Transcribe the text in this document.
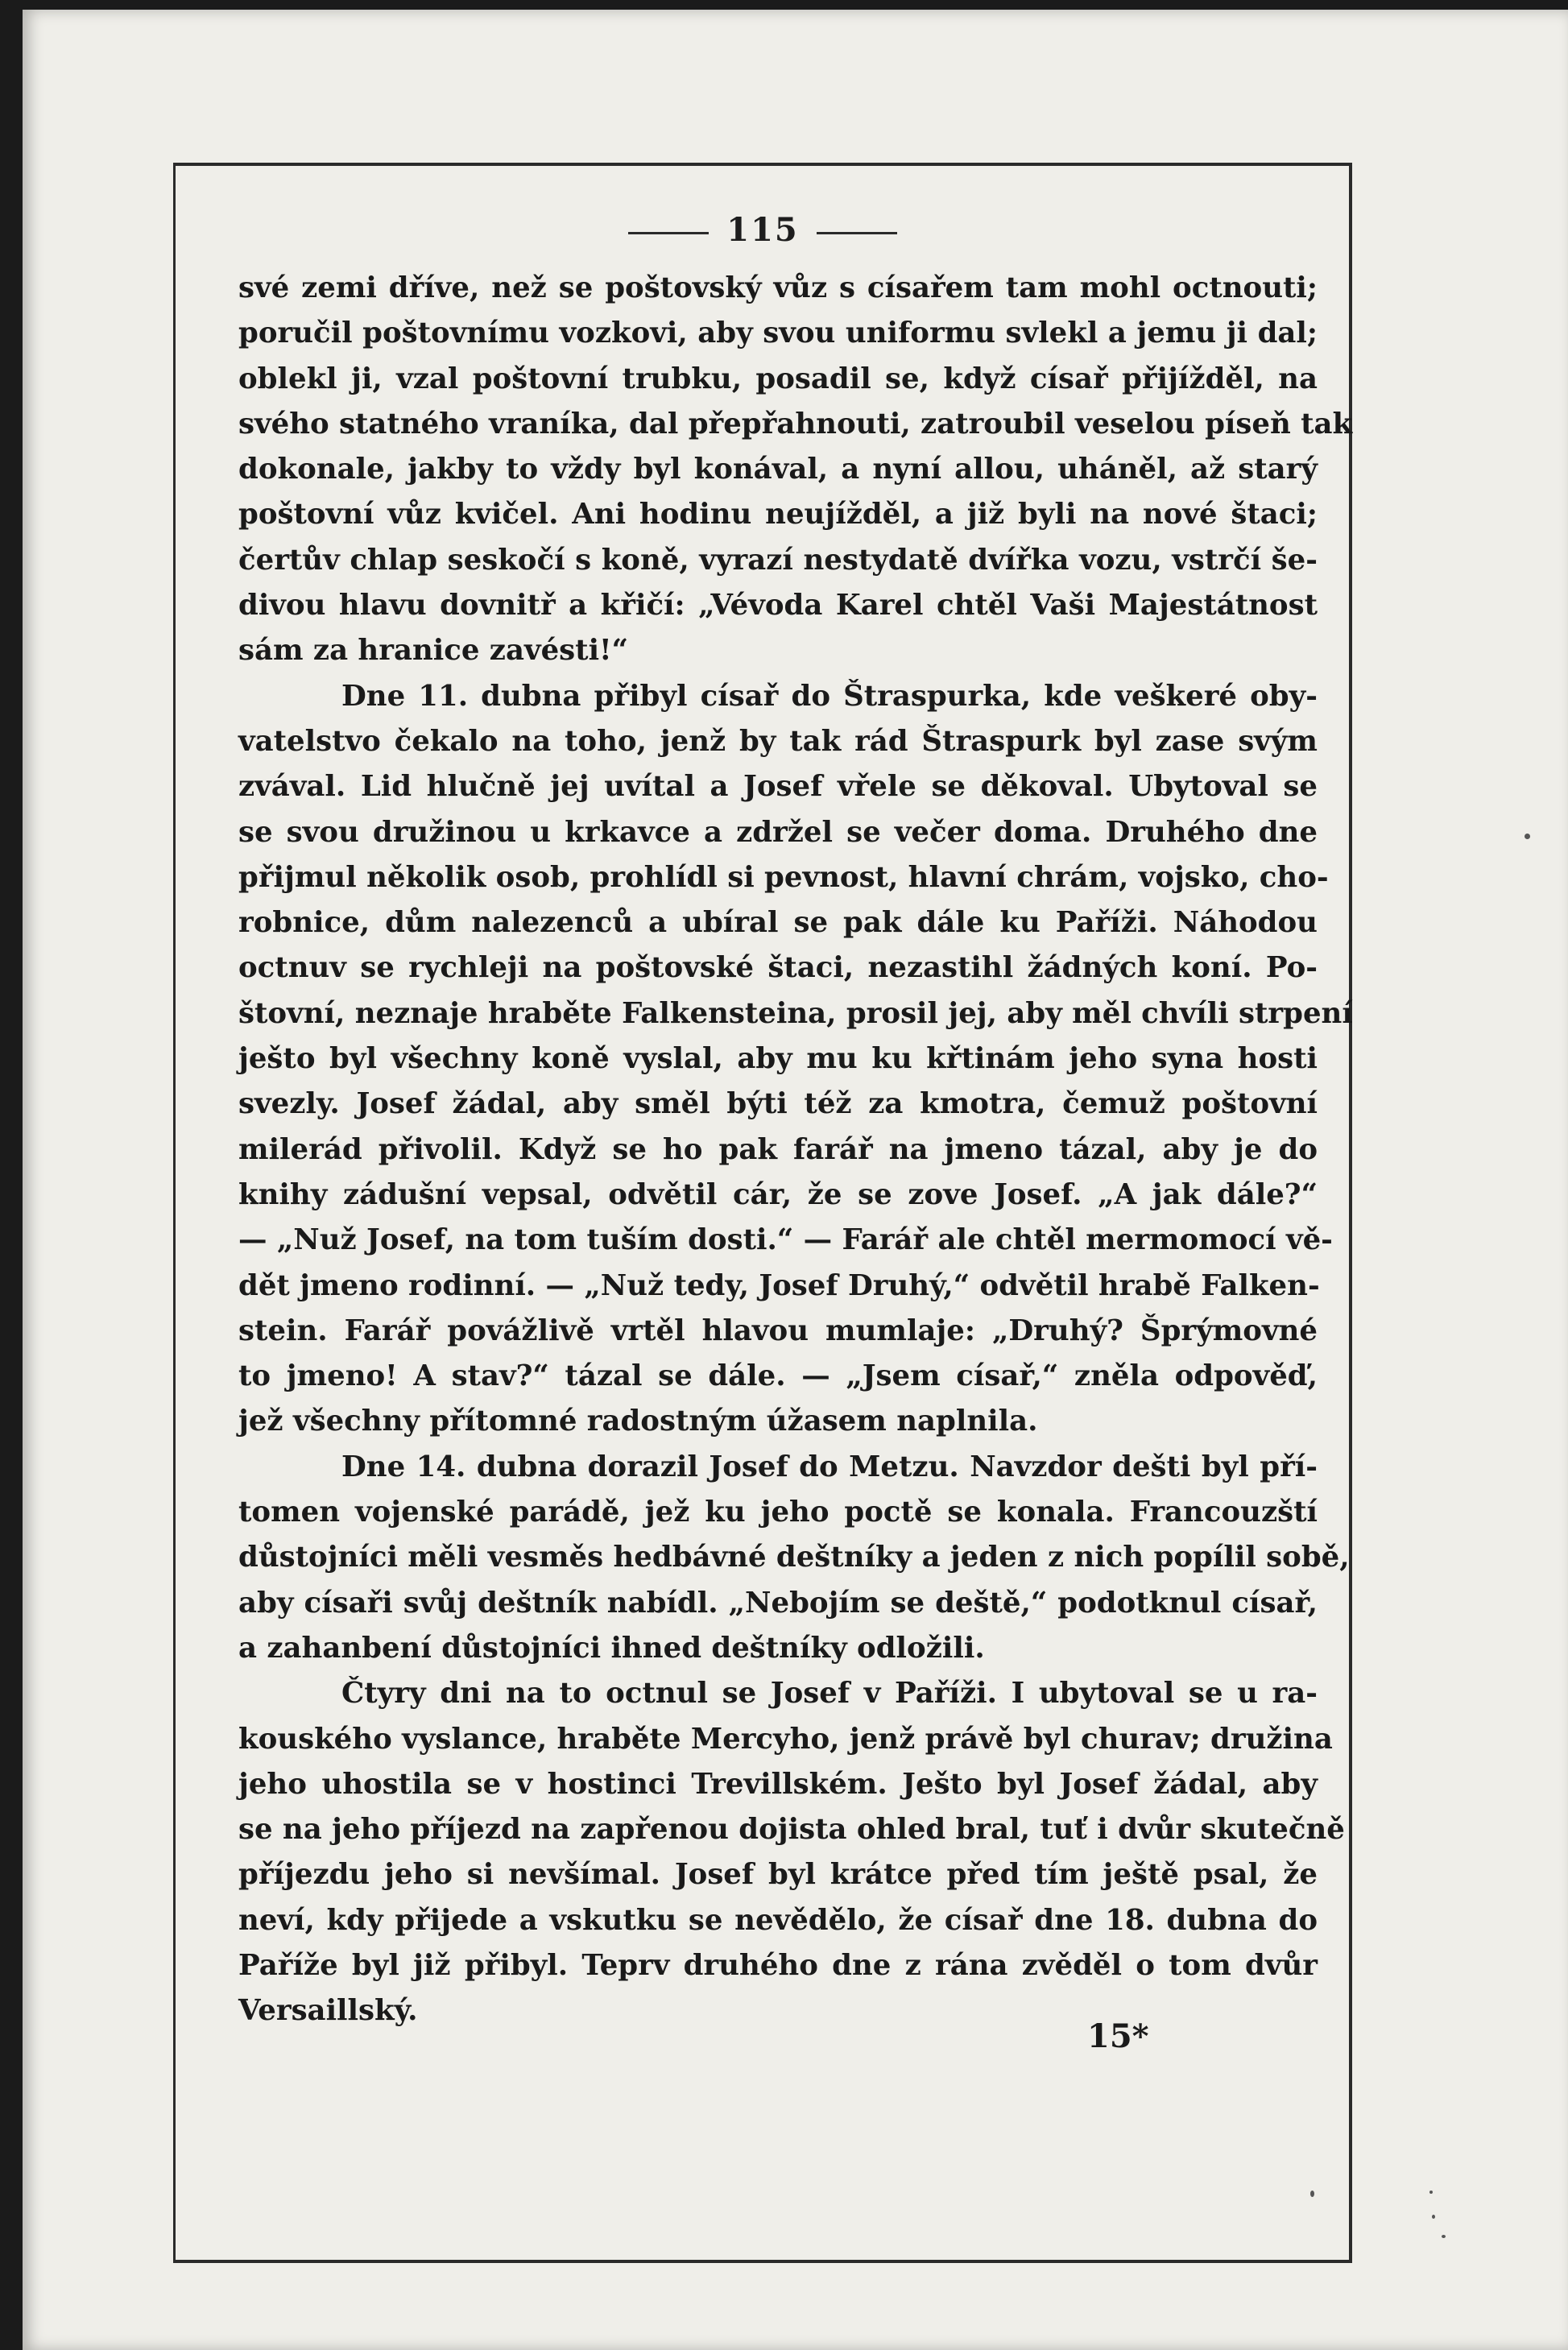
115
své zemi dříve, než se poštovský vůz s císařem tam mohl octnouti;
poručil poštovnímu vozkovi, aby svou uniformu svlekl a jemu ji dal;
oblekl ji, vzal poštovní trubku, posadil se, když císař přijížděl, na
svého statného vraníka, dal přepřahnouti, zatroubil veselou píseň tak
dokonale, jakby to vždy byl konával, a nyní allou, uháněl, až starý
poštovní vůz kvičel. Ani hodinu neujížděl, a již byli na nové štaci;
čertův chlap seskočí s koně, vyrazí nestydatě dvířka vozu, vstrčí še-
divou hlavu dovnitř a křičí: „Vévoda Karel chtěl Vaši Majestátnost
sám za hranice zavésti!“
Dne 11. dubna přibyl císař do Štraspurka, kde veškeré oby-
vatelstvo čekalo na toho, jenž by tak rád Štraspurk byl zase svým
zvával. Lid hlučně jej uvítal a Josef vřele se děkoval. Ubytoval se
se svou družinou u krkavce a zdržel se večer doma. Druhého dne
přijmul několik osob, prohlídl si pevnost, hlavní chrám, vojsko, cho-
robnice, dům nalezenců a ubíral se pak dále ku Paříži. Náhodou
octnuv se rychleji na poštovské štaci, nezastihl žádných koní. Po-
štovní, neznaje hraběte Falkensteina, prosil jej, aby měl chvíli strpení
ješto byl všechny koně vyslal, aby mu ku křtinám jeho syna hosti
svezly. Josef žádal, aby směl býti též za kmotra, čemuž poštovní
milerád přivolil. Když se ho pak farář na jmeno tázal, aby je do
knihy zádušní vepsal, odvětil cár, že se zove Josef. „A jak dále?“
— „Nuž Josef, na tom tuším dosti.“ — Farář ale chtěl mermomocí vě-
dět jmeno rodinní. — „Nuž tedy, Josef Druhý,“ odvětil hrabě Falken-
stein. Farář povážlivě vrtěl hlavou mumlaje: „Druhý? Šprýmovné
to jmeno! A stav?“ tázal se dále. — „Jsem císař,“ zněla odpověď,
jež všechny přítomné radostným úžasem naplnila.
Dne 14. dubna dorazil Josef do Metzu. Navzdor dešti byl pří-
tomen vojenské parádě, jež ku jeho poctě se konala. Francouzští
důstojníci měli vesměs hedbávné deštníky a jeden z nich popílil sobě,
aby císaři svůj deštník nabídl. „Nebojím se deště,“ podotknul císař,
a zahanbení důstojníci ihned deštníky odložili.
Čtyry dni na to octnul se Josef v Paříži. I ubytoval se u ra-
kouského vyslance, hraběte Mercyho, jenž právě byl churav; družina
jeho uhostila se v hostinci Trevillském. Ješto byl Josef žádal, aby
se na jeho příjezd na zapřenou dojista ohled bral, tuť i dvůr skutečně
příjezdu jeho si nevšímal. Josef byl krátce před tím ještě psal, že
neví, kdy přijede a vskutku se nevědělo, že císař dne 18. dubna do
Paříže byl již přibyl. Teprv druhého dne z rána zvěděl o tom dvůr
Versaillský.
15*
